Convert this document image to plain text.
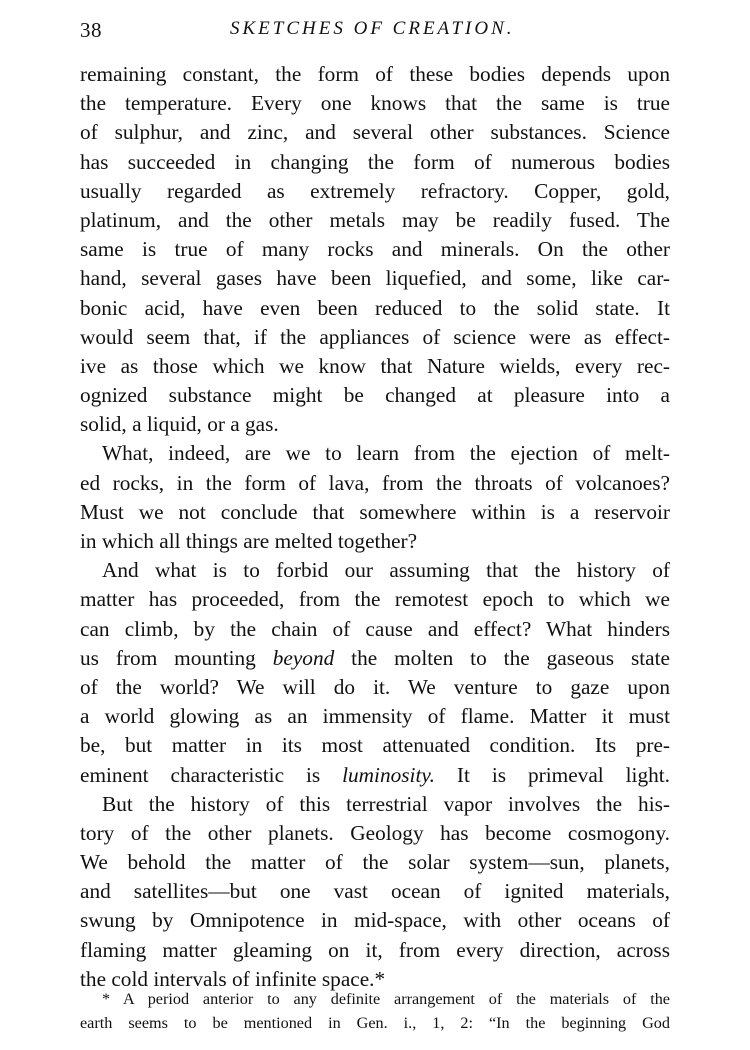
38	SKETCHES OF CREATION.
remaining constant, the form of these bodies depends upon
the temperature. Every one knows that the same is true
of sulphur, and zinc, and several other substances. Science
has succeeded in changing the form of numerous bodies
usually regarded as extremely refractory. Copper, gold,
platinum, and the other metals may be readily fused. The
same is true of many rocks and minerals. On the other
hand, several gases have been liquefied, and some, like car-
bonic acid, have even been reduced to the solid state. It
would seem that, if the appliances of science were as effect-
ive as those which we know that Nature wields, every rec-
ognized substance might be changed at pleasure into a
solid, a liquid, or a gas.
What, indeed, are we to learn from the ejection of melt-
ed rocks, in the form of lava, from the throats of volcanoes?
Must we not conclude that somewhere within is a reservoir
in which all things are melted together?
And what is to forbid our assuming that the history of
matter has proceeded, from the remotest epoch to which we
can climb, by the chain of cause and effect? What hinders
us from mounting beyond the molten to the gaseous state
of the world? We will do it. We venture to gaze upon
a world glowing as an immensity of flame. Matter it must
be, but matter in its most attenuated condition. Its pre-
eminent characteristic is luminosity. It is primeval light.
But the history of this terrestrial vapor involves the his-
tory of the other planets. Geology has become cosmogony.
We behold the matter of the solar system—sun, planets,
and satellites—but one vast ocean of ignited materials,
swung by Omnipotence in mid-space, with other oceans of
flaming matter gleaming on it, from every direction, across
the cold intervals of infinite space.*
* A period anterior to any definite arrangement of the materials of the
earth seems to be mentioned in Gen. i., 1, 2: “In the beginning God
